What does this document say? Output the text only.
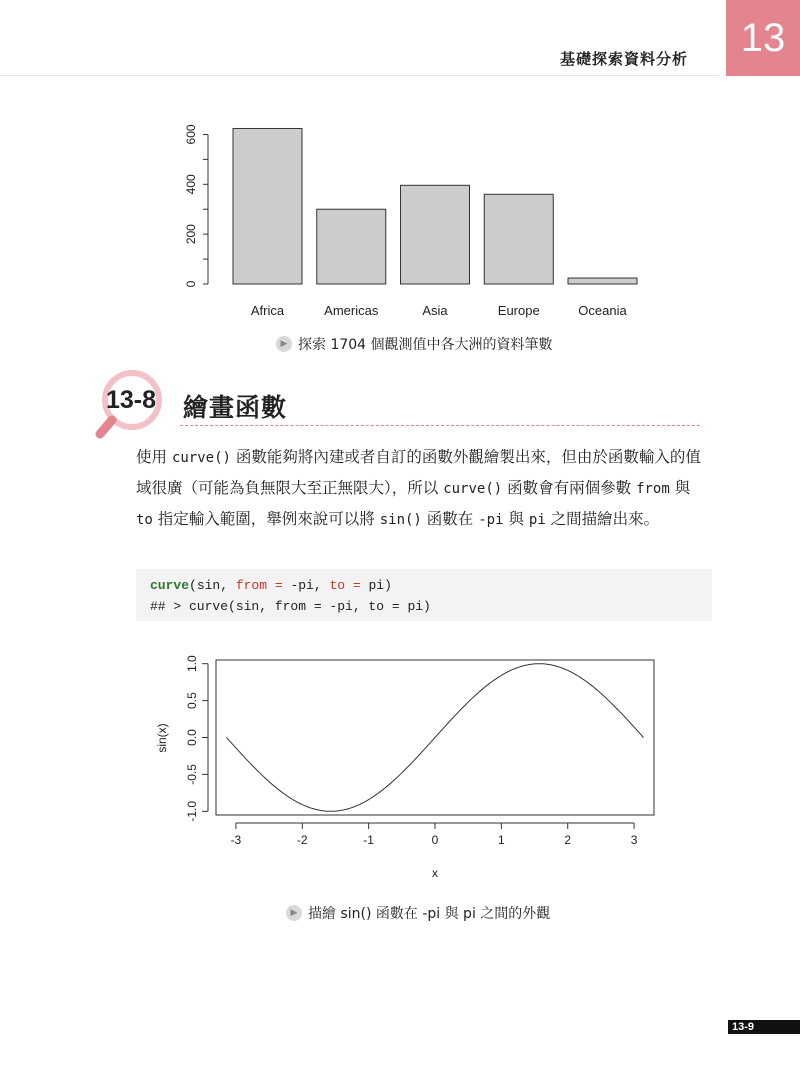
基礎探索資料分析	13
0
200
400
600
Africa	Americas	Asia	Europe	Oceania
▶ 探索 1704 個觀測值中各大洲的資料筆數
13-8 繪畫函數
使用 curve() 函數能夠將內建或者自訂的函數外觀繪製出來，但由於函數輸入的值域很廣（可能為負無限大至正無限大），所以 curve() 函數會有兩個參數 from 與 to 指定輸入範圍，舉例來說可以將 sin() 函數在 -pi 與 pi 之間描繪出來。
curve(sin, from = -pi, to = pi)
## > curve(sin, from = -pi, to = pi)
-1.0
-0.5
0.0
0.5
1.0
-3	-2	-1	0	1	2	3
sin(x)
x
▶ 描繪 sin() 函數在 -pi 與 pi 之間的外觀
13-9
